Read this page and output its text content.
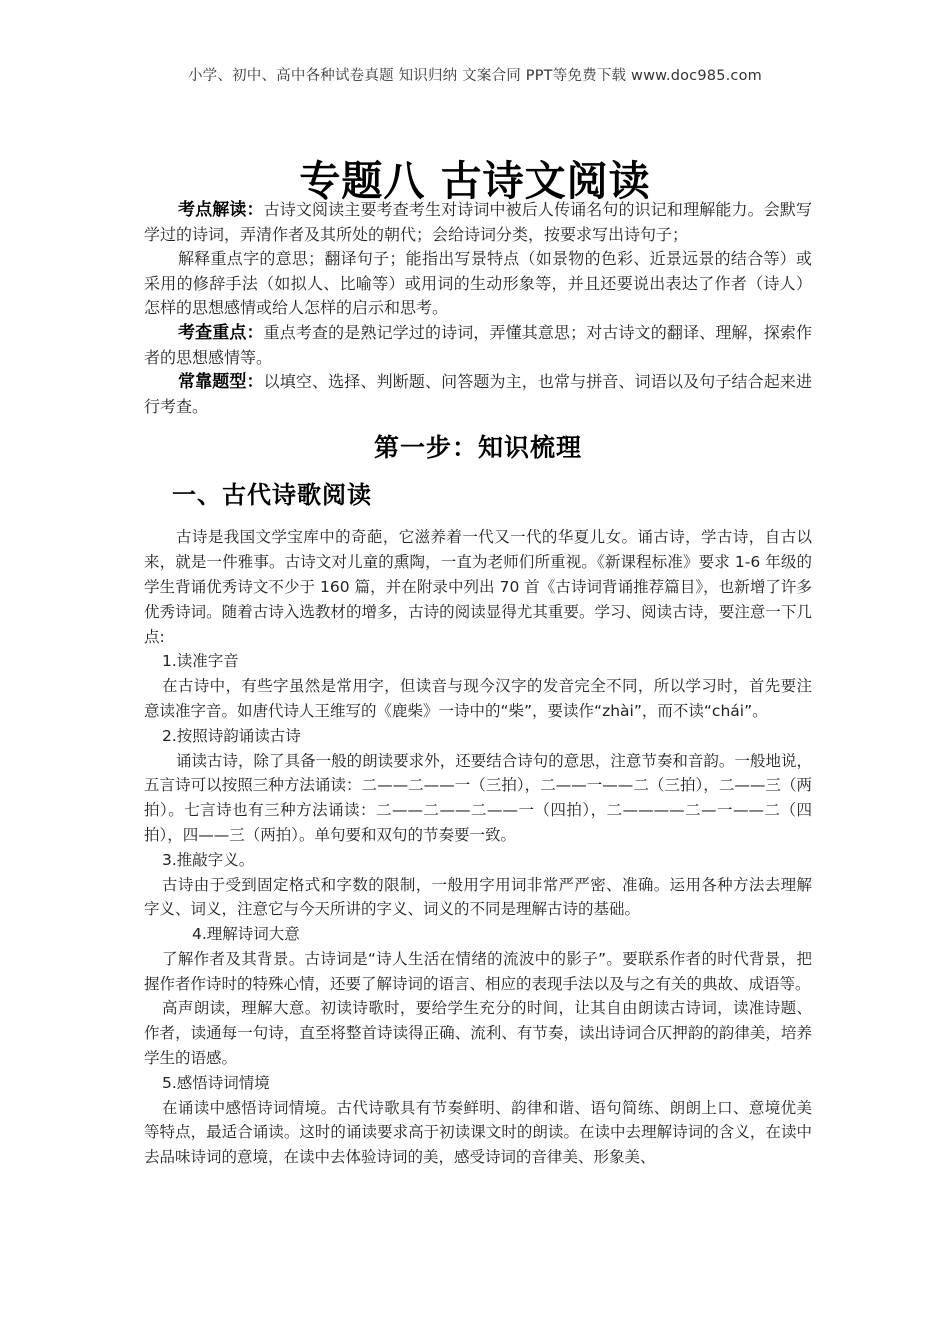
小学、初中、高中各种试卷真题 知识归纳 文案合同 PPT等免费下载 www.doc985.com
专题八 古诗文阅读

考点解读：古诗文阅读主要考查考生对诗词中被后人传诵名句的识记和理解能力。会默写学过的诗词，弄清作者及其所处的朝代；会给诗词分类，按要求写出诗句子；

解释重点字的意思；翻译句子；能指出写景特点（如景物的色彩、近景远景的结合等）或采用的修辞手法（如拟人、比喻等）或用词的生动形象等，并且还要说出表达了作者（诗人）怎样的思想感情或给人怎样的启示和思考。

考查重点：重点考查的是熟记学过的诗词，弄懂其意思；对古诗文的翻译、理解，探索作者的思想感情等。

常靠题型：以填空、选择、判断题、问答题为主，也常与拼音、词语以及句子结合起来进行考查。

第一步：知识梳理
一、古代诗歌阅读

古诗是我国文学宝库中的奇葩，它滋养着一代又一代的华夏儿女。诵古诗，学古诗，自古以来，就是一件雅事。古诗文对儿童的熏陶，一直为老师们所重视。《新课程标准》要求 1-6 年级的学生背诵优秀诗文不少于 160 篇，并在附录中列出 70 首《古诗词背诵推荐篇目》，也新增了许多优秀诗词。随着古诗入选教材的增多，古诗的阅读显得尤其重要。学习、阅读古诗，要注意一下几点:

1.读准字音

在古诗中，有些字虽然是常用字，但读音与现今汉字的发音完全不同，所以学习时，首先要注意读准字音。如唐代诗人王维写的《鹿柴》一诗中的“柴”，要读作“zhài”，而不读“chái”。

2.按照诗韵诵读古诗

诵读古诗，除了具备一般的朗读要求外，还要结合诗句的意思，注意节奏和音韵。一般地说，五言诗可以按照三种方法诵读：二——二——一（三拍），二——一——二（三拍），二——三（两拍）。七言诗也有三种方法诵读：二——二——二——一（四拍），二————二—一——二（四拍），四——三（两拍）。单句要和双句的节奏要一致。

3.推敲字义。

古诗由于受到固定格式和字数的限制，一般用字用词非常严严密、准确。运用各种方法去理解字义、词义，注意它与今天所讲的字义、词义的不同是理解古诗的基础。

4.理解诗词大意

了解作者及其背景。古诗词是“诗人生活在情绪的流波中的影子”。要联系作者的时代背景，把握作者作诗时的特殊心情，还要了解诗词的语言、相应的表现手法以及与之有关的典故、成语等。

高声朗读，理解大意。初读诗歌时，要给学生充分的时间，让其自由朗读古诗词，读准诗题、作者，读通每一句诗，直至将整首诗读得正确、流利、有节奏，读出诗词合仄押韵的韵律美，培养学生的语感。

5.感悟诗词情境

在诵读中感悟诗词情境。古代诗歌具有节奏鲜明、韵律和谐、语句简练、朗朗上口、意境优美等特点，最适合诵读。这时的诵读要求高于初读课文时的朗读。在读中去理解诗词的含义，在读中去品味诗词的意境，在读中去体验诗词的美，感受诗词的音律美、形象美、
